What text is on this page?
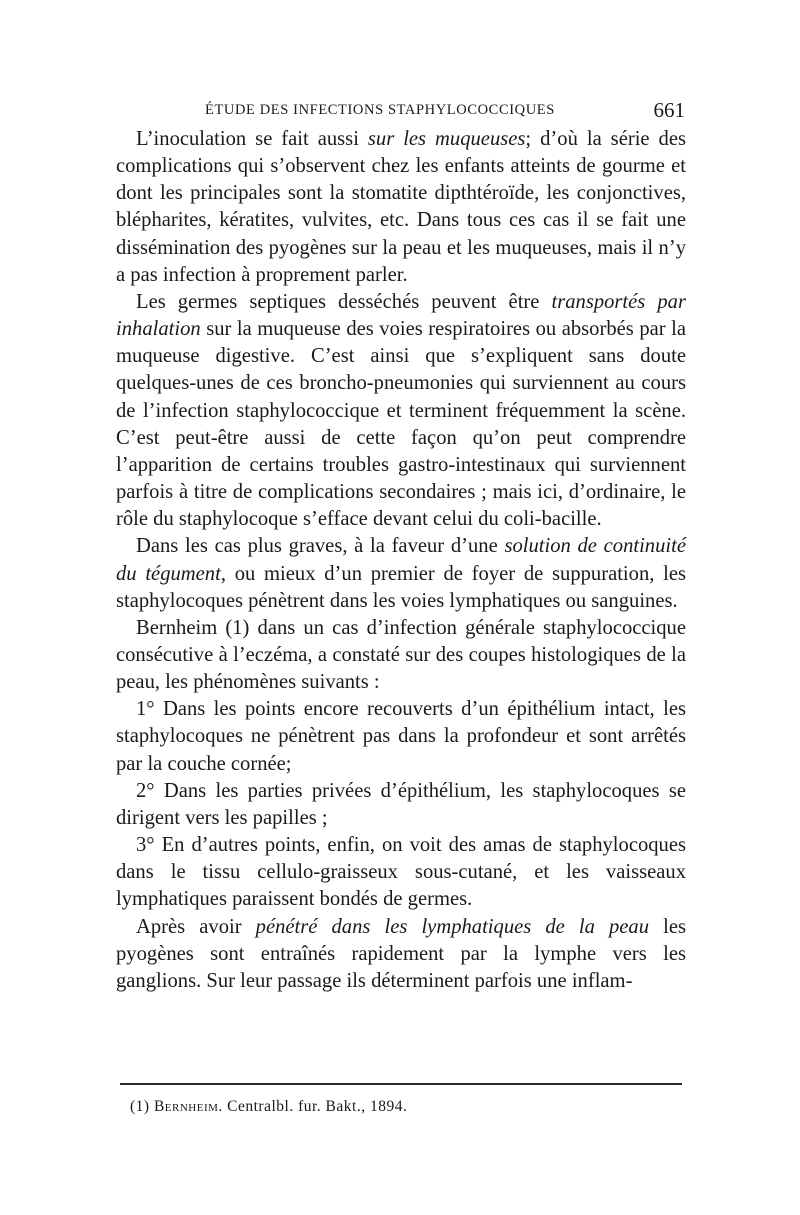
ÉTUDE DES INFECTIONS STAPHYLOCOCCIQUES	661

L’inoculation se fait aussi sur les muqueuses; d’où la série des complications qui s’observent chez les enfants atteints de gourme et dont les principales sont la stomatite dipthtéroïde, les conjonctives, blépharites, kératites, vulvites, etc. Dans tous ces cas il se fait une dissémination des pyogènes sur la peau et les muqueuses, mais il n’y a pas infection à proprement parler.

Les germes septiques desséchés peuvent être transportés par inhalation sur la muqueuse des voies respiratoires ou absorbés par la muqueuse digestive. C’est ainsi que s’expliquent sans doute quelques-unes de ces broncho-pneumonies qui surviennent au cours de l’infection staphylococcique et terminent fréquemment la scène. C’est peut-être aussi de cette façon qu’on peut comprendre l’apparition de certains troubles gastro-intestinaux qui surviennent parfois à titre de complications secondaires ; mais ici, d’ordinaire, le rôle du staphylocoque s’efface devant celui du coli-bacille.

Dans les cas plus graves, à la faveur d’une solution de continuité du tégument, ou mieux d’un premier de foyer de suppuration, les staphylocoques pénètrent dans les voies lymphatiques ou sanguines.

Bernheim (1) dans un cas d’infection générale staphylococcique consécutive à l’eczéma, a constaté sur des coupes histologiques de la peau, les phénomènes suivants :

1° Dans les points encore recouverts d’un épithélium intact, les staphylocoques ne pénètrent pas dans la profondeur et sont arrêtés par la couche cornée;

2° Dans les parties privées d’épithélium, les staphylocoques se dirigent vers les papilles ;

3° En d’autres points, enfin, on voit des amas de staphylocoques dans le tissu cellulo-graisseux sous-cutané, et les vaisseaux lymphatiques paraissent bondés de germes.

Après avoir pénétré dans les lymphatiques de la peau les pyogènes sont entraînés rapidement par la lymphe vers les ganglions. Sur leur passage ils déterminent parfois une inflam-

(1) Bernheim. Centralbl. fur. Bakt., 1894.
